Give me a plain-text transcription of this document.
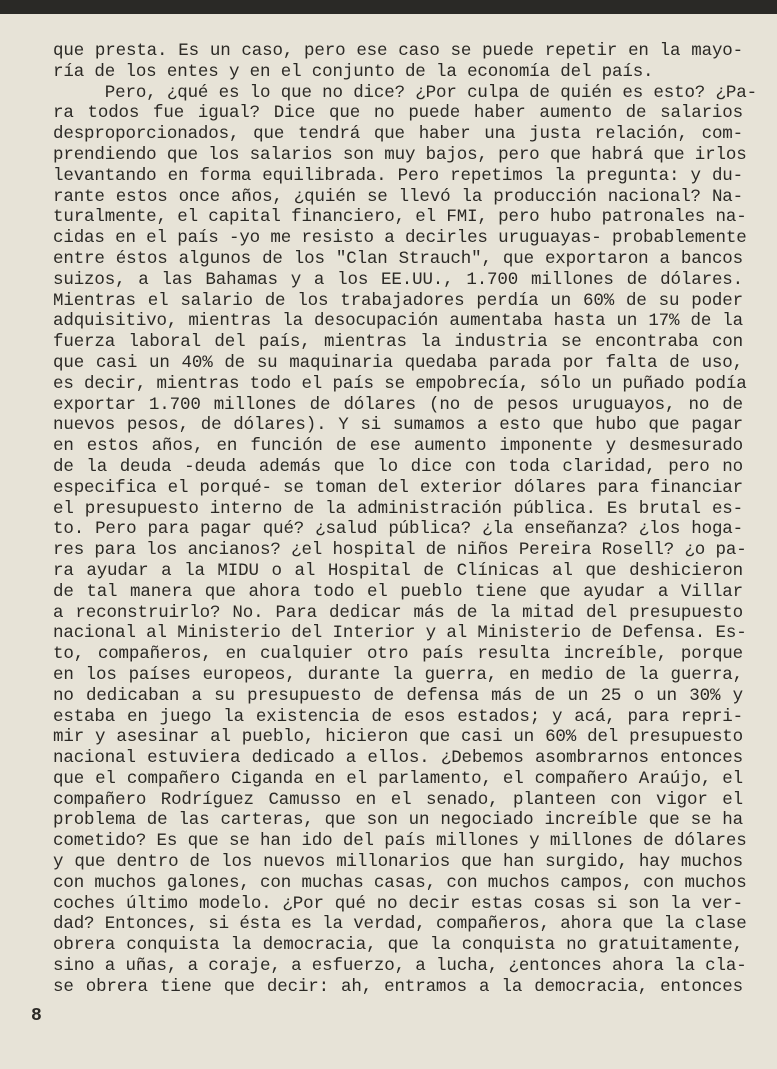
que presta. Es un caso, pero ese caso se puede repetir en la mayo-
ría de los entes y en el conjunto de la economía del país.
Pero, ¿qué es lo que no dice? ¿Por culpa de quién es esto? ¿Pa-
ra todos fue igual? Dice que no puede haber aumento de salarios
desproporcionados, que tendrá que haber una justa relación, com-
prendiendo que los salarios son muy bajos, pero que habrá que irlos
levantando en forma equilibrada. Pero repetimos la pregunta: y du-
rante estos once años, ¿quién se llevó la producción nacional? Na-
turalmente, el capital financiero, el FMI, pero hubo patronales na-
cidas en el país -yo me resisto a decirles uruguayas- probablemente
entre éstos algunos de los "Clan Strauch", que exportaron a bancos
suizos, a las Bahamas y a los EE.UU., 1.700 millones de dólares.
Mientras el salario de los trabajadores perdía un 60% de su poder
adquisitivo, mientras la desocupación aumentaba hasta un 17% de la
fuerza laboral del país, mientras la industria se encontraba con
que casi un 40% de su maquinaria quedaba parada por falta de uso,
es decir, mientras todo el país se empobrecía, sólo un puñado podía
exportar 1.700 millones de dólares (no de pesos uruguayos, no de
nuevos pesos, de dólares). Y si sumamos a esto que hubo que pagar
en estos años, en función de ese aumento imponente y desmesurado
de la deuda -deuda además que lo dice con toda claridad, pero no
especifica el porqué- se toman del exterior dólares para financiar
el presupuesto interno de la administración pública. Es brutal es-
to. Pero para pagar qué? ¿salud pública? ¿la enseñanza? ¿los hoga-
res para los ancianos? ¿el hospital de niños Pereira Rosell? ¿o pa-
ra ayudar a la MIDU o al Hospital de Clínicas al que deshicieron
de tal manera que ahora todo el pueblo tiene que ayudar a Villar
a reconstruirlo? No. Para dedicar más de la mitad del presupuesto
nacional al Ministerio del Interior y al Ministerio de Defensa. Es-
to, compañeros, en cualquier otro país resulta increíble, porque
en los países europeos, durante la guerra, en medio de la guerra,
no dedicaban a su presupuesto de defensa más de un 25 o un 30% y
estaba en juego la existencia de esos estados; y acá, para repri-
mir y asesinar al pueblo, hicieron que casi un 60% del presupuesto
nacional estuviera dedicado a ellos. ¿Debemos asombrarnos entonces
que el compañero Ciganda en el parlamento, el compañero Araújo, el
compañero Rodríguez Camusso en el senado, planteen con vigor el
problema de las carteras, que son un negociado increíble que se ha
cometido? Es que se han ido del país millones y millones de dólares
y que dentro de los nuevos millonarios que han surgido, hay muchos
con muchos galones, con muchas casas, con muchos campos, con muchos
coches último modelo. ¿Por qué no decir estas cosas si son la ver-
dad? Entonces, si ésta es la verdad, compañeros, ahora que la clase
obrera conquista la democracia, que la conquista no gratuitamente,
sino a uñas, a coraje, a esfuerzo, a lucha, ¿entonces ahora la cla-
se obrera tiene que decir: ah, entramos a la democracia, entonces
8
